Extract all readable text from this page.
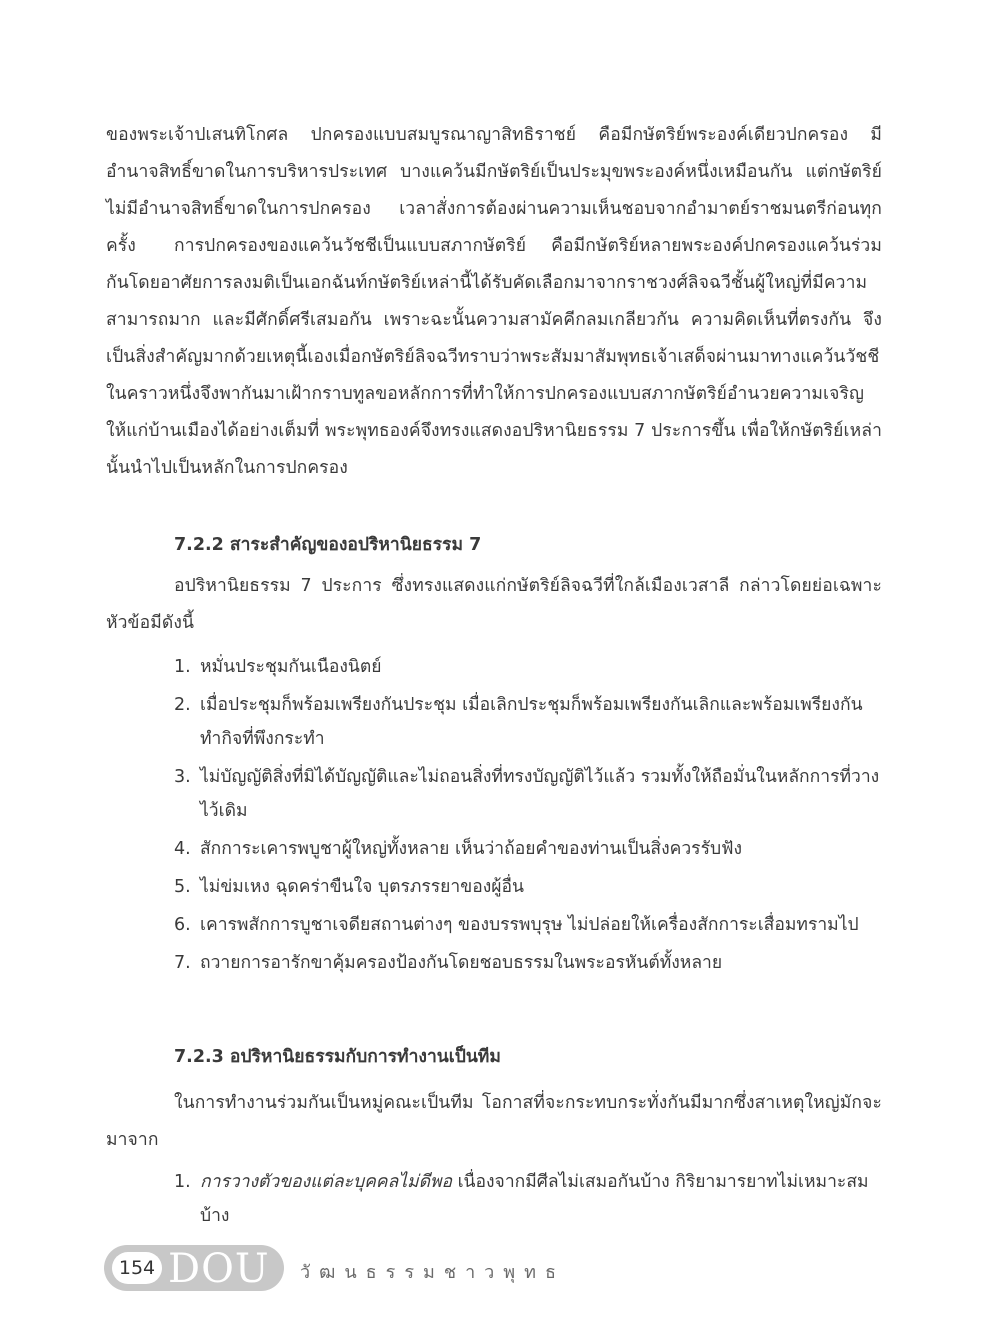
ของพระเจ้าปเสนทิโกศล ปกครองแบบสมบูรณาญาสิทธิราชย์ คือมีกษัตริย์พระองค์เดียวปกครอง มีอำนาจสิทธิ์ขาดในการบริหารประเทศ บางแคว้นมีกษัตริย์เป็นประมุขพระองค์หนึ่งเหมือนกัน แต่กษัตริย์ไม่มีอำนาจสิทธิ์ขาดในการปกครอง เวลาสั่งการต้องผ่านความเห็นชอบจากอำมาตย์ราชมนตรีก่อนทุกครั้ง	การปกครองของแคว้นวัชชีเป็นแบบสภากษัตริย์ คือมีกษัตริย์หลายพระองค์ปกครองแคว้นร่วมกันโดยอาศัยการลงมติเป็นเอกฉันท์กษัตริย์เหล่านี้ได้รับคัดเลือกมาจากราชวงศ์ลิจฉวีชั้นผู้ใหญ่ที่มีความสามารถมาก และมีศักดิ์ศรีเสมอกัน เพราะฉะนั้นความสามัคคีกลมเกลียวกัน ความคิดเห็นที่ตรงกัน จึงเป็นสิ่งสำคัญมากด้วยเหตุนี้เองเมื่อกษัตริย์ลิจฉวีทราบว่าพระสัมมาสัมพุทธเจ้าเสด็จผ่านมาทางแคว้นวัชชีในคราวหนึ่งจึงพากันมาเฝ้ากราบทูลขอหลักการที่ทำให้การปกครองแบบสภากษัตริย์อำนวยความเจริญให้แก่บ้านเมืองได้อย่างเต็มที่ พระพุทธองค์จึงทรงแสดงอปริหานิยธรรม 7 ประการขึ้น เพื่อให้กษัตริย์เหล่านั้นนำไปเป็นหลักในการปกครอง

7.2.2 สาระสำคัญของอปริหานิยธรรม 7

อปริหานิยธรรม 7 ประการ ซึ่งทรงแสดงแก่กษัตริย์ลิจฉวีที่ใกล้เมืองเวสาลี กล่าวโดยย่อเฉพาะหัวข้อมีดังนี้

1. หมั่นประชุมกันเนืองนิตย์
2. เมื่อประชุมก็พร้อมเพรียงกันประชุม เมื่อเลิกประชุมก็พร้อมเพรียงกันเลิกและพร้อมเพรียงกันทำกิจที่พึงกระทำ
3. ไม่บัญญัติสิ่งที่มิได้บัญญัติและไม่ถอนสิ่งที่ทรงบัญญัติไว้แล้ว รวมทั้งให้ถือมั่นในหลักการที่วางไว้เดิม
4. สักการะเคารพบูชาผู้ใหญ่ทั้งหลาย เห็นว่าถ้อยคำของท่านเป็นสิ่งควรรับฟัง
5. ไม่ข่มเหง ฉุดคร่าขืนใจ บุตรภรรยาของผู้อื่น
6. เคารพสักการบูชาเจดียสถานต่างๆ ของบรรพบุรุษ ไม่ปล่อยให้เครื่องสักการะเสื่อมทรามไป
7. ถวายการอารักขาคุ้มครองป้องกันโดยชอบธรรมในพระอรหันต์ทั้งหลาย
7.2.3 อปริหานิยธรรมกับการทำงานเป็นทีม

ในการทำงานร่วมกันเป็นหมู่คณะเป็นทีม โอกาสที่จะกระทบกระทั่งกันมีมากซึ่งสาเหตุใหญ่มักจะมาจาก

1. การวางตัวของแต่ละบุคคลไม่ดีพอ เนื่องจากมีศีลไม่เสมอกันบ้าง กิริยามารยาทไม่เหมาะสมบ้าง
154 DOU วัฒนธรรมชาวพุทธ
